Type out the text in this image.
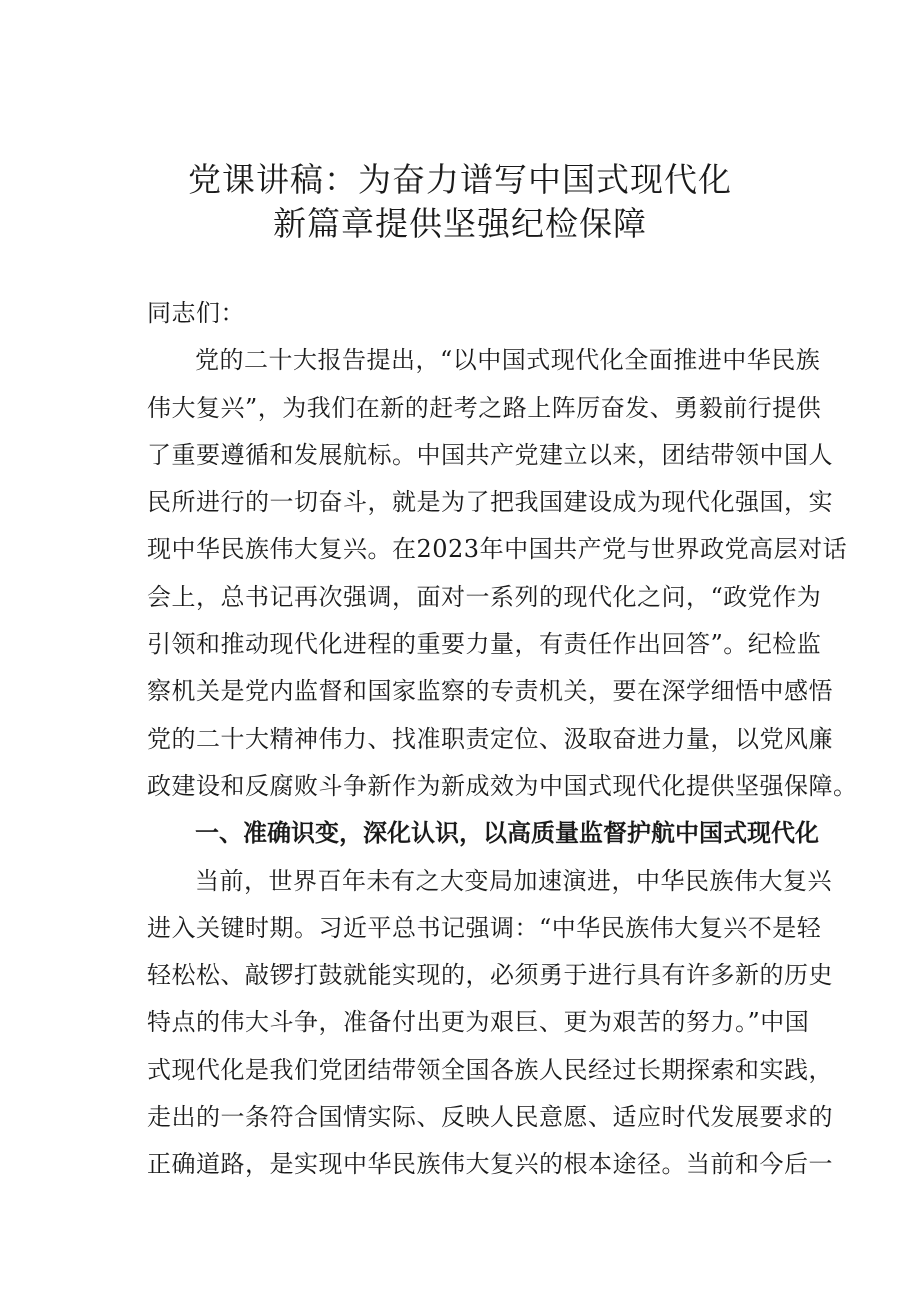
党课讲稿：为奋力谱写中国式现代化
新篇章提供坚强纪检保障
同志们：
党的二十大报告提出，“以中国式现代化全面推进中华民族
伟大复兴”，为我们在新的赶考之路上阵厉奋发、勇毅前行提供
了重要遵循和发展航标。中国共产党建立以来，团结带领中国人
民所进行的一切奋斗，就是为了把我国建设成为现代化强国，实
现中华民族伟大复兴。在2023年中国共产党与世界政党高层对话
会上，总书记再次强调，面对一系列的现代化之问，“政党作为
引领和推动现代化进程的重要力量，有责任作出回答”。纪检监
察机关是党内监督和国家监察的专责机关，要在深学细悟中感悟
党的二十大精神伟力、找准职责定位、汲取奋进力量，以党风廉
政建设和反腐败斗争新作为新成效为中国式现代化提供坚强保障。
一、准确识变，深化认识，以高质量监督护航中国式现代化
当前，世界百年未有之大变局加速演进，中华民族伟大复兴
进入关键时期。习近平总书记强调：“中华民族伟大复兴不是轻
轻松松、敲锣打鼓就能实现的，必须勇于进行具有许多新的历史
特点的伟大斗争，准备付出更为艰巨、更为艰苦的努力。”中国
式现代化是我们党团结带领全国各族人民经过长期探索和实践，
走出的一条符合国情实际、反映人民意愿、适应时代发展要求的
正确道路，是实现中华民族伟大复兴的根本途径。当前和今后一
